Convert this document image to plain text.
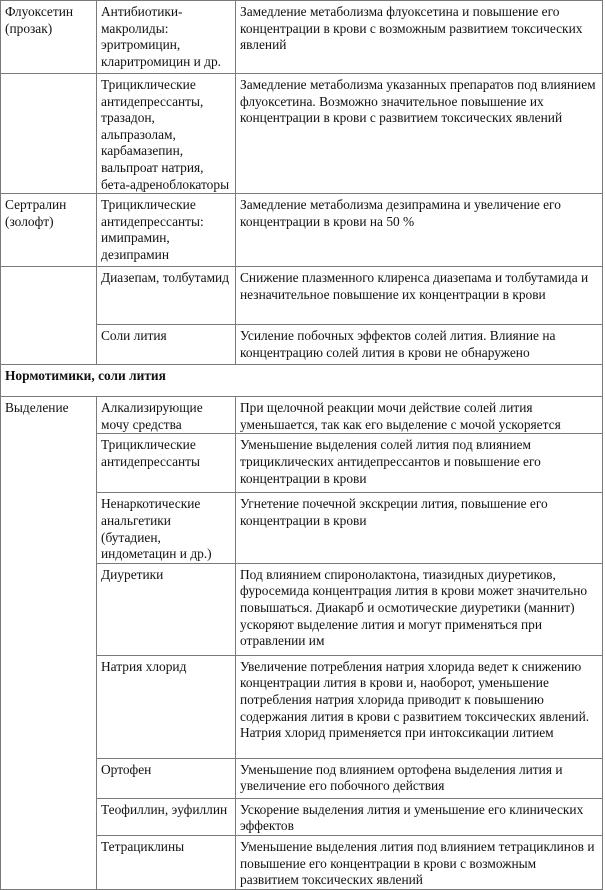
Флуоксетин (прозак)	Антибиотики-макролиды: эритромицин, кларитромицин и др.	Замедление метаболизма флуоксетина и повышение его концентрации в крови с возможным развитием токсических явлений

	Трициклические антидепрессанты, тразадон, альпразолам, карбамазепин, вальпроат натрия, бета-адреноблокаторы	Замедление метаболизма указанных препаратов под влиянием флуоксетина. Возможно значительное повышение их концентрации в крови с развитием токсических явлений

Сертралин (золофт)	Трициклические антидепрессанты: имипрамин, дезипрамин	Замедление метаболизма дезипрамина и увеличение его концентрации в крови на 50 %

	Диазепам, толбутамид	Снижение плазменного клиренса диазепама и толбутамида и незначительное повышение их концентрации в крови

	Соли лития	Усиление побочных эффектов солей лития. Влияние на концентрацию солей лития в крови не обнаружено

Нормотимики, соли лития		

Выделение	Алкализирующие мочу средства	При щелочной реакции мочи действие солей лития уменьшается, так как его выделение с мочой ускоряется

	Трициклические антидепрессанты	Уменьшение выделения солей лития под влиянием трициклических антидепрессантов и повышение его концентрации в крови

	Ненаркотические анальгетики (бутадиен, индометацин и др.)	Угнетение почечной экскреции лития, повышение его концентрации в крови

	Диуретики	Под влиянием спиронолактона, тиазидных диуретиков, фуросемида концентрация лития в крови может значительно повышаться. Диакарб и осмотические диуретики (маннит) ускоряют выделение лития и могут применяться при отравлении им

	Натрия хлорид	Увеличение потребления натрия хлорида ведет к снижению концентрации лития в крови и, наоборот, уменьшение потребления натрия хлорида приводит к повышению содержания лития в крови с развитием токсических явлений. Натрия хлорид применяется при интоксикации литием

	Ортофен	Уменьшение под влиянием ортофена выделения лития и увеличение его побочного действия

	Теофиллин, эуфиллин	Ускорение выделения лития и уменьшение его клинических эффектов

	Тетрациклины	Уменьшение выделения лития под влиянием тетрациклинов и повышение его концентрации в крови с возможным развитием токсических явлений
